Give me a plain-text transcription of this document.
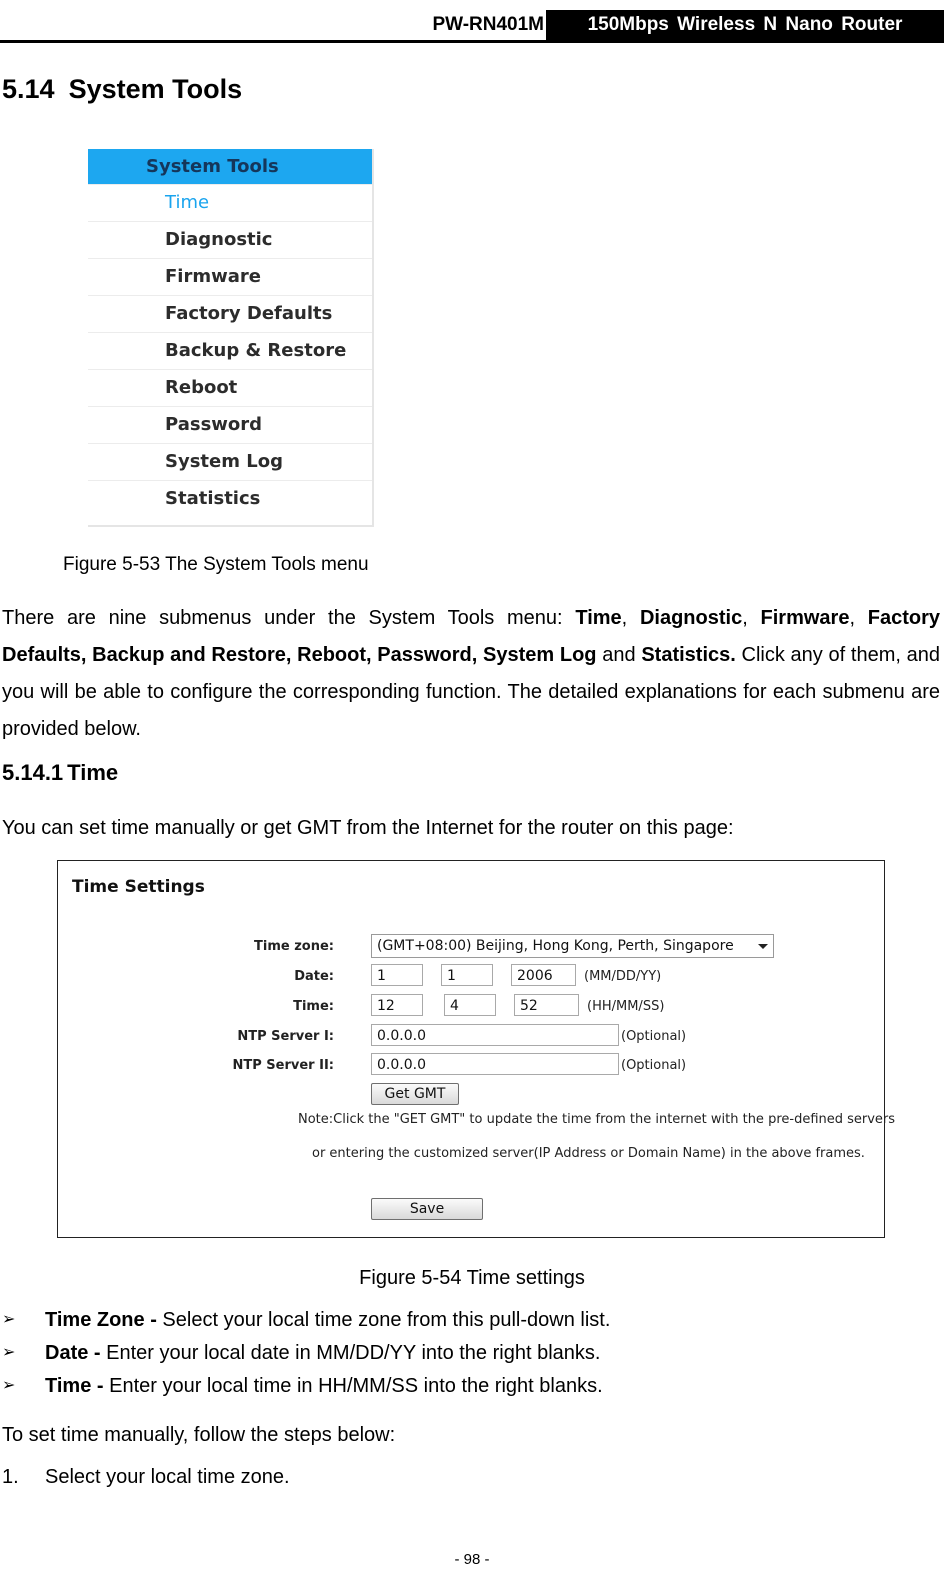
PW-RN401M	150Mbps Wireless N Nano Router
5.14 System Tools
System Tools
Time
Diagnostic
Firmware
Factory Defaults
Backup & Restore
Reboot
Password
System Log
Statistics
Figure 5-53 The System Tools menu
There are nine submenus under the System Tools menu: Time, Diagnostic, Firmware, Factory Defaults, Backup and Restore, Reboot, Password, System Log and Statistics. Click any of them, and you will be able to configure the corresponding function. The detailed explanations for each submenu are provided below.
5.14.1 Time
You can set time manually or get GMT from the Internet for the router on this page:
Time Settings
Time zone:	(GMT+08:00) Beijing, Hong Kong, Perth, Singapore
Date:	1	1	2006	(MM/DD/YY)
Time:	12	4	52	(HH/MM/SS)
NTP Server I:	0.0.0.0	(Optional)
NTP Server II:	0.0.0.0	(Optional)
Get GMT
Note:Click the "GET GMT" to update the time from the internet with the pre-defined servers
or entering the customized server(IP Address or Domain Name) in the above frames.
Save
Figure 5-54 Time settings
➢ Time Zone - Select your local time zone from this pull-down list.
➢ Date - Enter your local date in MM/DD/YY into the right blanks.
➢ Time - Enter your local time in HH/MM/SS into the right blanks.
To set time manually, follow the steps below:
1. Select your local time zone.
- 98 -
